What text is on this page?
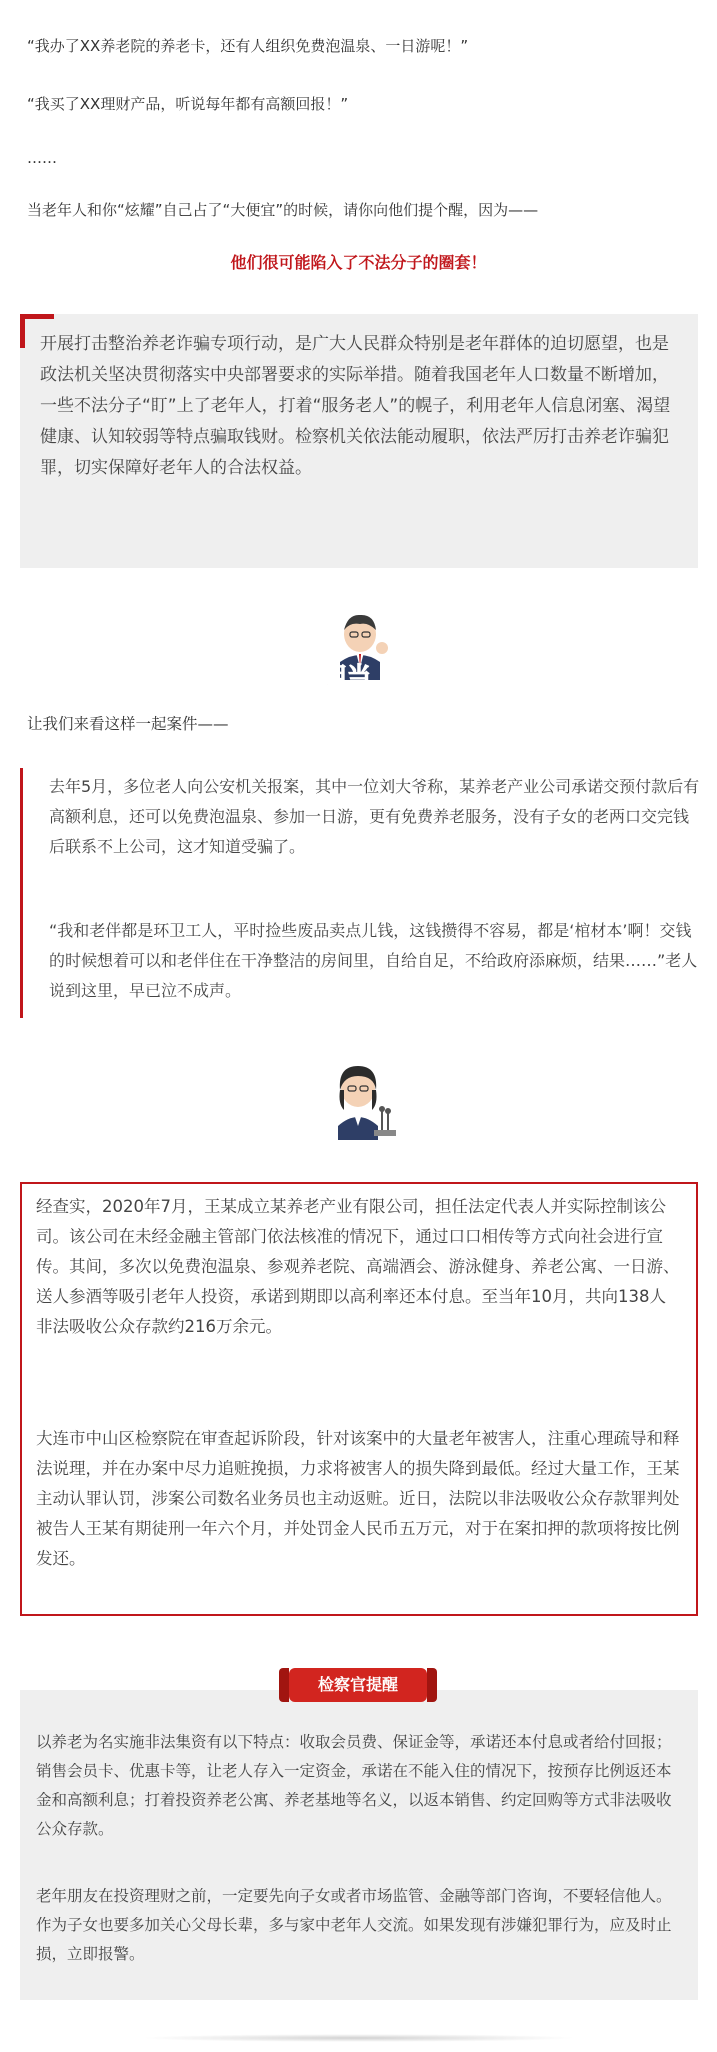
“我办了XX养老院的养老卡，还有人组织免费泡温泉、一日游呢！”

“我买了XX理财产品，听说每年都有高额回报！”

……

当老年人和你“炫耀”自己占了“大便宜”的时候，请你向他们提个醒，因为——

他们很可能陷入了不法分子的圈套！

开展打击整治养老诈骗专项行动，是广大人民群众特别是老年群体的迫切愿望，也是政法机关坚决贯彻落实中央部署要求的实际举措。随着我国老年人口数量不断增加，一些不法分子“盯”上了老年人，打着“服务老人”的幌子，利用老年人信息闭塞、渴望健康、认知较弱等特点骗取钱财。检察机关依法能动履职，依法严厉打击养老诈骗犯罪，切实保障好老年人的合法权益。

担当

让我们来看这样一起案件——

去年5月，多位老人向公安机关报案，其中一位刘大爷称，某养老产业公司承诺交预付款后有高额利息，还可以免费泡温泉、参加一日游，更有免费养老服务，没有子女的老两口交完钱后联系不上公司，这才知道受骗了。

“我和老伴都是环卫工人，平时捡些废品卖点儿钱，这钱攒得不容易，都是‘棺材本’啊！交钱的时候想着可以和老伴住在干净整洁的房间里，自给自足，不给政府添麻烦，结果……”老人说到这里，早已泣不成声。

经查实，2020年7月，王某成立某养老产业有限公司，担任法定代表人并实际控制该公司。该公司在未经金融主管部门依法核准的情况下，通过口口相传等方式向社会进行宣传。其间，多次以免费泡温泉、参观养老院、高端酒会、游泳健身、养老公寓、一日游、送人参酒等吸引老年人投资，承诺到期即以高利率还本付息。至当年10月，共向138人非法吸收公众存款约216万余元。

大连市中山区检察院在审查起诉阶段，针对该案中的大量老年被害人，注重心理疏导和释法说理，并在办案中尽力追赃挽损，力求将被害人的损失降到最低。经过大量工作，王某主动认罪认罚，涉案公司数名业务员也主动返赃。近日，法院以非法吸收公众存款罪判处被告人王某有期徒刑一年六个月，并处罚金人民币五万元，对于在案扣押的款项将按比例发还。

以养老为名实施非法集资有以下特点：收取会员费、保证金等，承诺还本付息或者给付回报；销售会员卡、优惠卡等，让老人存入一定资金，承诺在不能入住的情况下，按预存比例返还本金和高额利息；打着投资养老公寓、养老基地等名义，以返本销售、约定回购等方式非法吸收公众存款。

老年朋友在投资理财之前，一定要先向子女或者市场监管、金融等部门咨询，不要轻信他人。作为子女也要多加关心父母长辈，多与家中老年人交流。如果发现有涉嫌犯罪行为，应及时止损，立即报警。

检察官提醒
